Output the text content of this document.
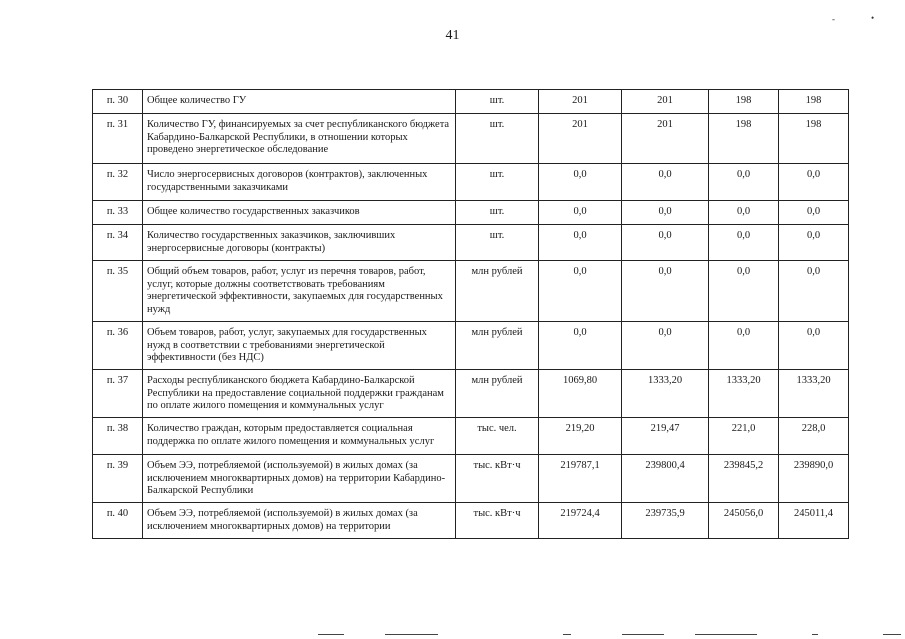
41
-	•
п. 30	Общее количество ГУ	шт.	201	201	198	198
п. 31	Количество ГУ, финансируемых за счет республиканского бюджета Кабардино-Балкарской Республики, в отношении которых проведено энергетическое обследование	шт.	201	201	198	198
п. 32	Число энергосервисных договоров (контрактов), заключенных государственными заказчиками	шт.	0,0	0,0	0,0	0,0
п. 33	Общее количество государственных заказчиков	шт.	0,0	0,0	0,0	0,0
п. 34	Количество государственных заказчиков, заключивших энергосервисные договоры (контракты)	шт.	0,0	0,0	0,0	0,0
п. 35	Общий объем товаров, работ, услуг из перечня товаров, работ, услуг, которые должны соответствовать требованиям энергетической эффективности, закупаемых для государственных нужд	млн рублей	0,0	0,0	0,0	0,0
п. 36	Объем товаров, работ, услуг, закупаемых для государственных нужд в соответствии с требованиями энергетической эффективности (без НДС)	млн рублей	0,0	0,0	0,0	0,0
п. 37	Расходы республиканского бюджета Кабардино-Балкарской Республики на предоставление социальной поддержки гражданам по оплате жилого помещения и коммунальных услуг	млн рублей	1069,80	1333,20	1333,20	1333,20
п. 38	Количество граждан, которым предоставляется социальная поддержка по оплате жилого помещения и коммунальных услуг	тыс. чел.	219,20	219,47	221,0	228,0
п. 39	Объем ЭЭ, потребляемой (используемой) в жилых домах (за исключением многоквартирных домов) на территории Кабардино-Балкарской Республики	тыс. кВт·ч	219787,1	239800,4	239845,2	239890,0
п. 40	Объем ЭЭ, потребляемой (используемой) в жилых домах (за исключением многоквартирных домов) на территории	тыс. кВт·ч	219724,4	239735,9	245056,0	245011,4
